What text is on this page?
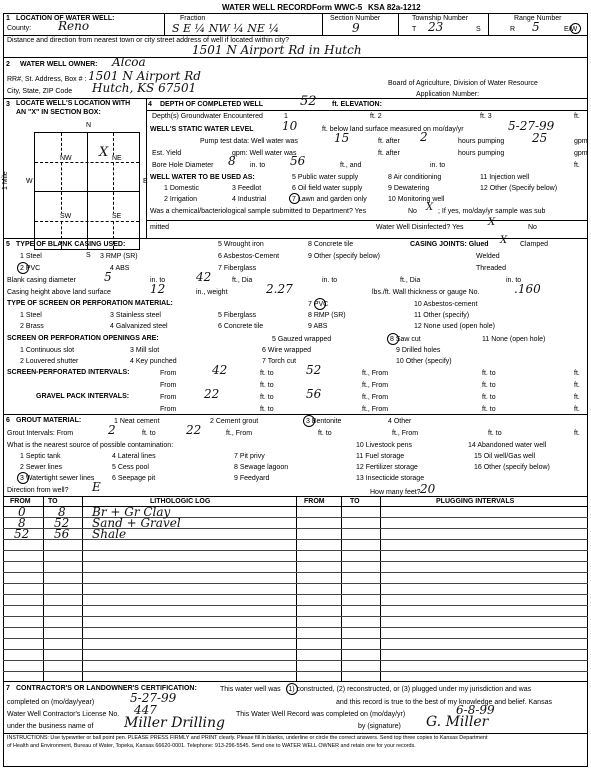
WATER WELL RECORD Form WWC-5 KSA 82a-1212
1 LOCATION OF WATER WELL:
County: Reno
Fraction
S E ¼ NW ¼ NE ¼
Section Number
9
Township Number
T 23	S
Range Number
R 5	E/W
Distance and direction from nearest town or city street address of well if located within city?
1501 N Airport Rd in Hutch
2 WATER WELL OWNER: Alcoa
RR#, St. Address, Box # : 1501 N Airport Rd
City, State, ZIP Code Hutch, KS 67501	Board of Agriculture, Division of Water Resource
Application Number:
3 LOCATE WELL'S LOCATION WITH
AN "X" IN SECTION BOX:
N
S
E
W
1 Mile
NW	NE
SW	SE
X
4 DEPTH OF COMPLETED WELL	52 ft. ELEVATION:
Depth(s) Groundwater Encountered	1	ft. 2	ft. 3	ft.
WELL'S STATIC WATER LEVEL 10	ft. below land surface measured on mo/day/yr	5-27-99
Pump test data: Well water was	15	ft. after 2	hours pumping 25	gpm
Est. Yield	gpm: Well water was	ft. after	hours pumping	gpm
Bore Hole Diameter 8 in. to 56	ft., and	in. to	ft.
WELL WATER TO BE USED AS:	5 Public water supply	8 Air conditioning	11 Injection well
1 Domestic	3 Feedlot	6 Oil field water supply	9 Dewatering	12 Other (Specify below)
2 Irrigation	4 Industrial	7 Lawn and garden only	10 Monitoring well
Was a chemical/bacteriological sample submitted to Department? Yes	No X ; If yes, mo/day/yr sample was sub
mitted	Water Well Disinfected? Yes X	No
5 TYPE OF BLANK CASING USED:	5 Wrought iron	8 Concrete tile	CASING JOINTS: Glued X Clamped
1 Steel	3 RMP (SR)	6 Asbestos-Cement	9 Other (specify below)	Welded
2 PVC	4 ABS	7 Fiberglass	Threaded
Blank casing diameter 5	in. to	42	ft., Dia	in. to	ft., Dia	in. to
Casing height above land surface	12	in., weight	2.27	lbs./ft. Wall thickness or gauge No.	.160
TYPE OF SCREEN OR PERFORATION MATERIAL:	7 PVC	10 Asbestos-cement
1 Steel	3 Stainless steel	5 Fiberglass	8 RMP (SR)	11 Other (specify)
2 Brass	4 Galvanized steel	6 Concrete tile	9 ABS	12 None used (open hole)
SCREEN OR PERFORATION OPENINGS ARE:	5 Gauzed wrapped	8 Saw cut	11 None (open hole)
1 Continuous slot	3 Mill slot	6 Wire wrapped	9 Drilled holes
2 Louvered shutter	4 Key punched	7 Torch cut	10 Other (specify)
SCREEN-PERFORATED INTERVALS:	From	42	ft. to	52	ft., From	ft. to	ft.
From	ft. to	ft., From	ft. to	ft.
GRAVEL PACK INTERVALS:	From 22	ft. to	56	ft., From	ft. to	ft.
From	ft. to	ft., From	ft. to	ft.
6 GROUT MATERIAL:	1 Neat cement	2 Cement grout	3 Bentonite	4 Other
Grout Intervals: From	2	ft. to	22	ft., From	ft. to	ft., From	ft. to	ft.
What is the nearest source of possible contamination:	10 Livestock pens	14 Abandoned water well
1 Septic tank	4 Lateral lines	7 Pit privy	11 Fuel storage	15 Oil well/Gas well
2 Sewer lines	5 Cess pool	8 Sewage lagoon	12 Fertilizer storage	16 Other (specify below)
3 Watertight sewer lines	6 Seepage pit	9 Feedyard	13 Insecticide storage
Direction from well? E	How many feet? 20
FROM TO	LITHOLOGIC LOG	FROM	TO	PLUGGING INTERVALS
0	8 Br + Gr Clay
8 52 Sand + Gravel
52 56 Shale
7 CONTRACTOR'S OR LANDOWNER'S CERTIFICATION:	This water well was (1) constructed, (2) reconstructed, or (3) plugged under my jurisdiction and was
completed on (mo/day/year)	5-27-99	and this record is true to the best of my knowledge and belief. Kansas
Water Well Contractor's License No. 447	This Water Well Record was completed on (mo/day/yr)	6-8-99
under the business name of Miller Drilling	by (signature) G. Miller
INSTRUCTIONS: Use typewriter or ball point pen. PLEASE PRESS FIRMLY and PRINT clearly. Please fill in blanks, underline or circle the correct answers. Send top three copies to Kansas Department
of Health and Environment, Bureau of Water, Topeka, Kansas 66620-0001. Telephone: 913-296-5545. Send one to WATER WELL OWNER and retain one for your records.
